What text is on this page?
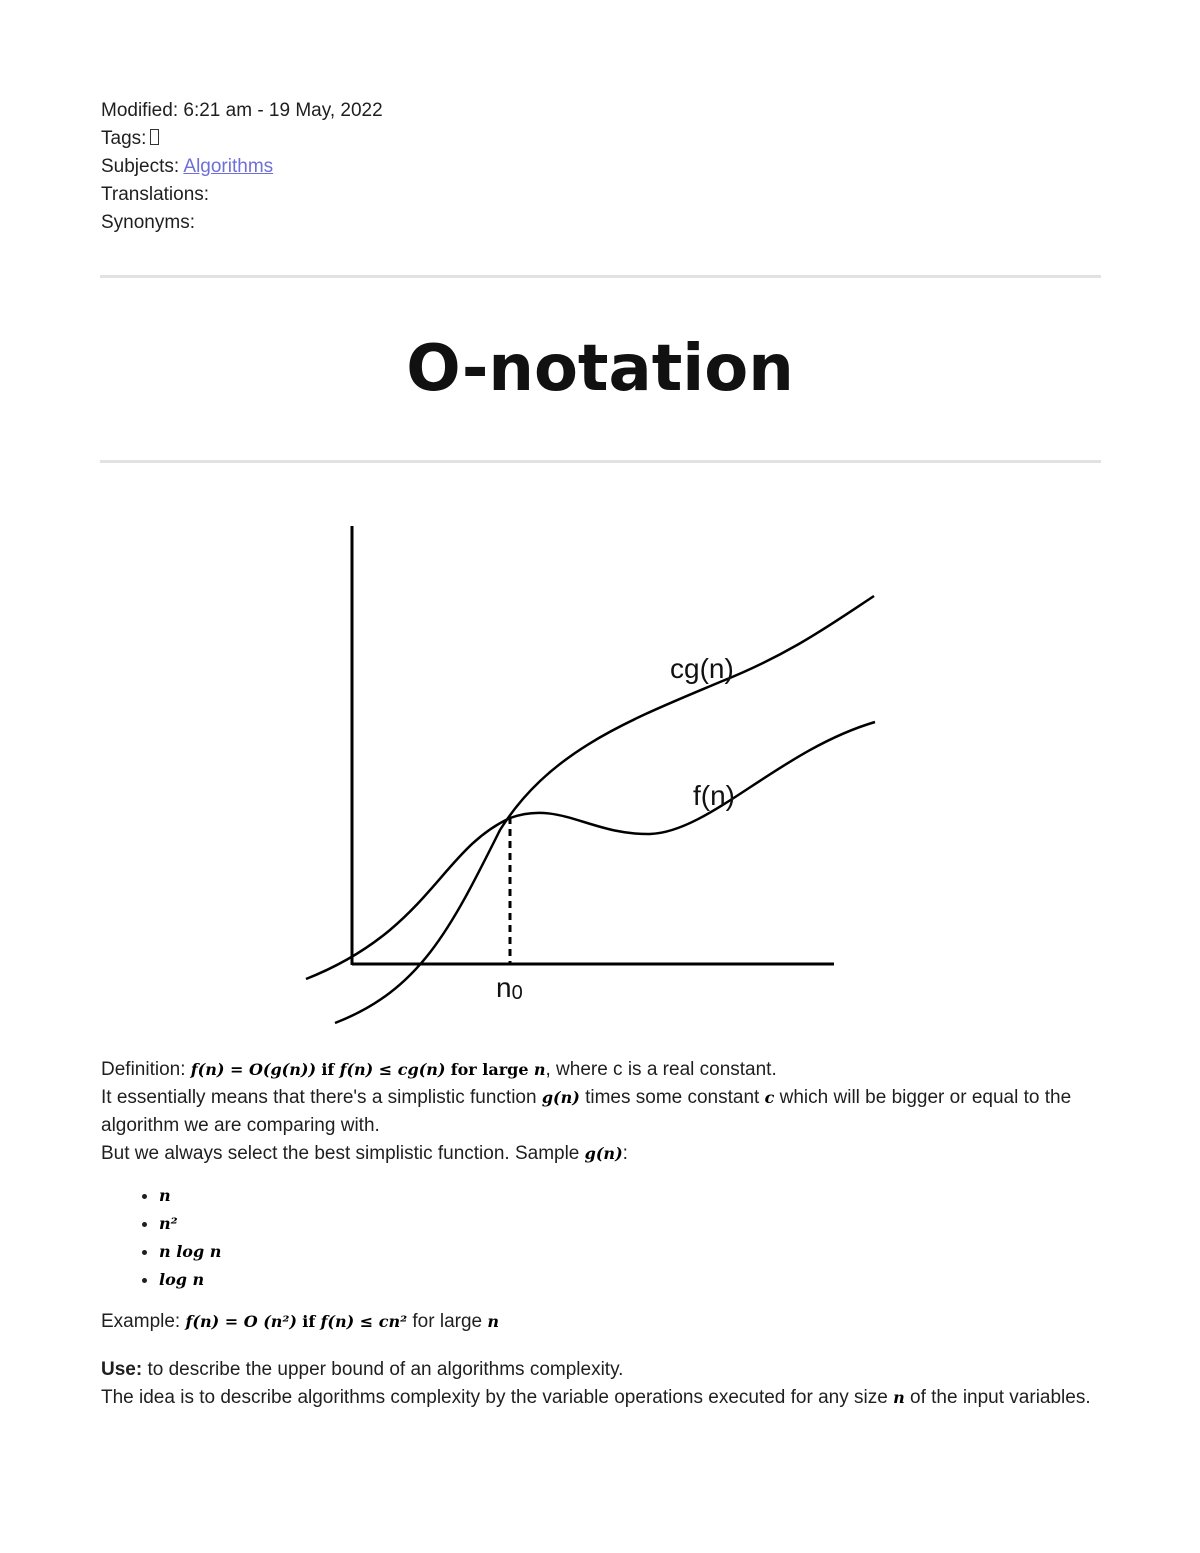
Modified: 6:21 am - 19 May, 2022
Tags:
Subjects: Algorithms
Translations:
Synonyms:
O-notation
cg(n)
f(n)
n0

Definition: f(n) = O(g(n)) if f(n) ≤ cg(n) for large n, where c is a real constant.

It essentially means that there's a simplistic function g(n) times some constant c which will be bigger or equal to the algorithm we are comparing with.

But we always select the best simplistic function. Sample g(n):

• n
• n²
• n log n
• log n

Example: f(n) = O (n²) if f(n) ≤ cn² for large n

Use: to describe the upper bound of an algorithms complexity.

The idea is to describe algorithms complexity by the variable operations executed for any size n of the input variables.
